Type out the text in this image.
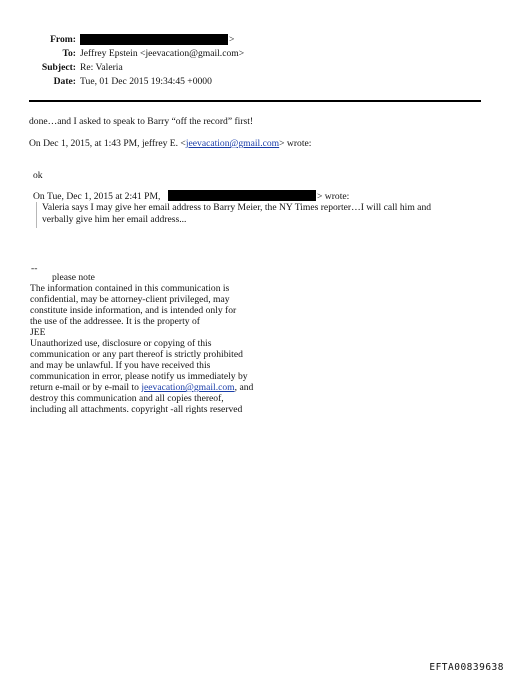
From:	>
To: Jeffrey Epstein <jeevacation@gmail.com>
Subject: Re: Valeria
Date: Tue, 01 Dec 2015 19:34:45 +0000
done…and I asked to speak to Barry “off the record” first!
On Dec 1, 2015, at 1:43 PM, jeffrey E. <jeevacation@gmail.com> wrote:
ok
On Tue, Dec 1, 2015 at 2:41 PM,	> wrote:
Valeria says I may give her email address to Barry Meier, the NY Times reporter…I will call him and
verbally give him her email address...
--
please note
The information contained in this communication is
confidential, may be attorney-client privileged, may
constitute inside information, and is intended only for
the use of the addressee. It is the property of
JEE
Unauthorized use, disclosure or copying of this
communication or any part thereof is strictly prohibited
and may be unlawful. If you have received this
communication in error, please notify us immediately by
return e-mail or by e-mail to jeevacation@gmail.com, and
destroy this communication and all copies thereof,
including all attachments. copyright -all rights reserved
EFTA00839638
